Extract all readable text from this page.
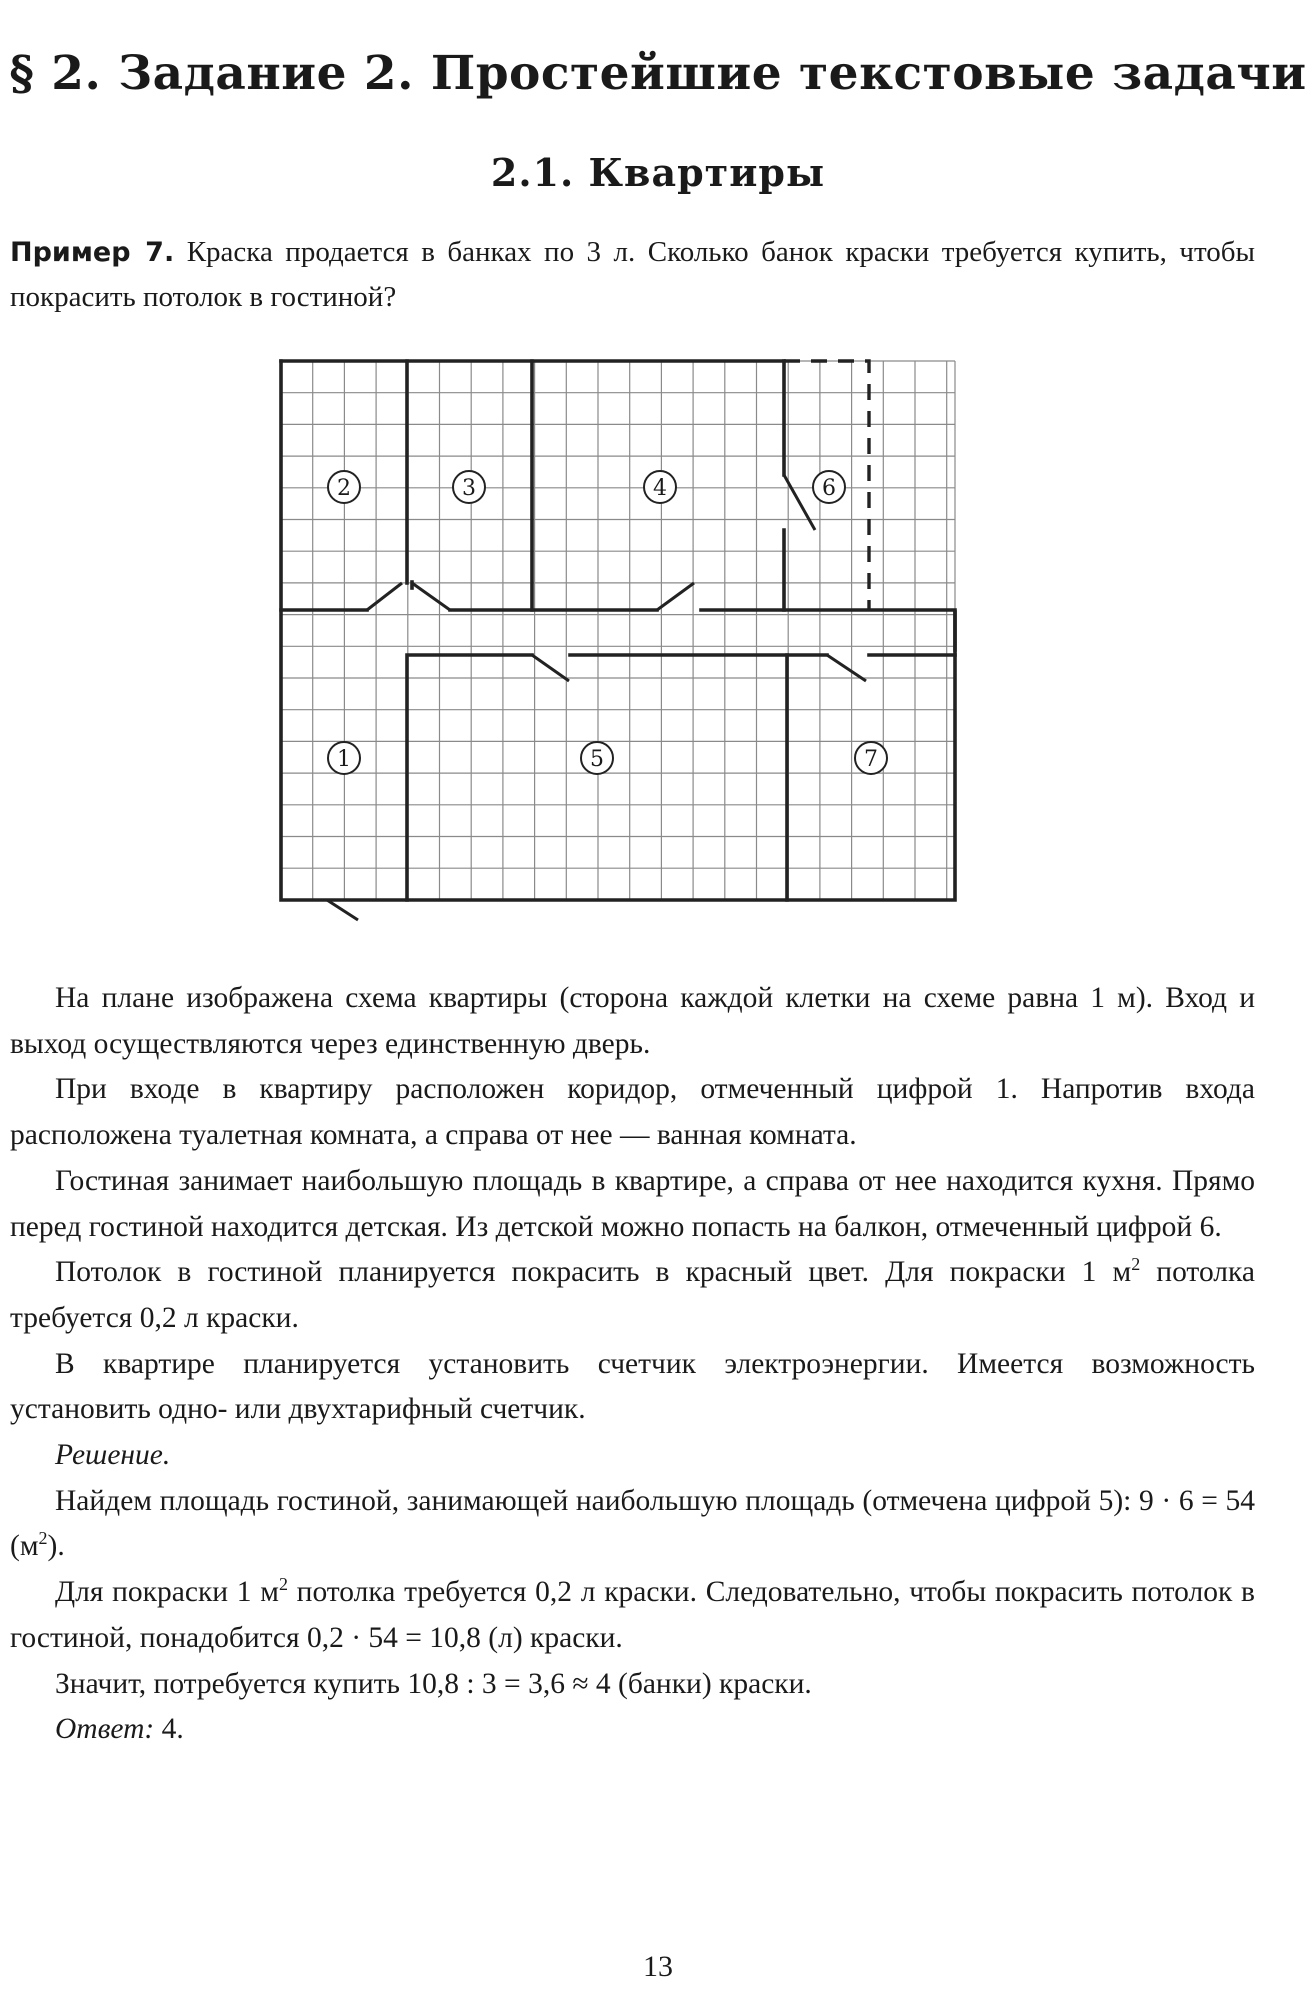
§ 2. Задание 2. Простейшие текстовые задачи
2.1. Квартиры
Пример 7. Краска продается в банках по 3 л. Сколько банок краски требуется купить, чтобы покрасить потолок в гостиной?
2	3	4	6
1	5	7

На плане изображена схема квартиры (сторона каждой клетки на схеме равна 1 м). Вход и выход осуществляются через единственную дверь.

При входе в квартиру расположен коридор, отмеченный цифрой 1. Напротив входа расположена туалетная комната, а справа от нее — ванная комната.

Гостиная занимает наибольшую площадь в квартире, а справа от нее находится кухня. Прямо перед гостиной находится детская. Из детской можно попасть на балкон, отмеченный цифрой 6.

Потолок в гостиной планируется покрасить в красный цвет. Для покраски 1 $м^2$ потолка требуется 0,2 л краски.

В квартире планируется установить счетчик электроэнергии. Имеется возможность установить одно- или двухтарифный счетчик.

Решение.

Найдем площадь гостиной, занимающей наибольшую площадь (отмечена цифрой 5): 9 · 6 = 54 $(м^2)$.

Для покраски 1 $м^2$ потолка требуется 0,2 л краски. Следовательно, чтобы покрасить потолок в гостиной, понадобится 0,2 · 54 = 10,8 (л) краски.

Значит, потребуется купить 10,8 : 3 = 3,6 ≈ 4 (банки) краски.

Ответ: 4.

13
